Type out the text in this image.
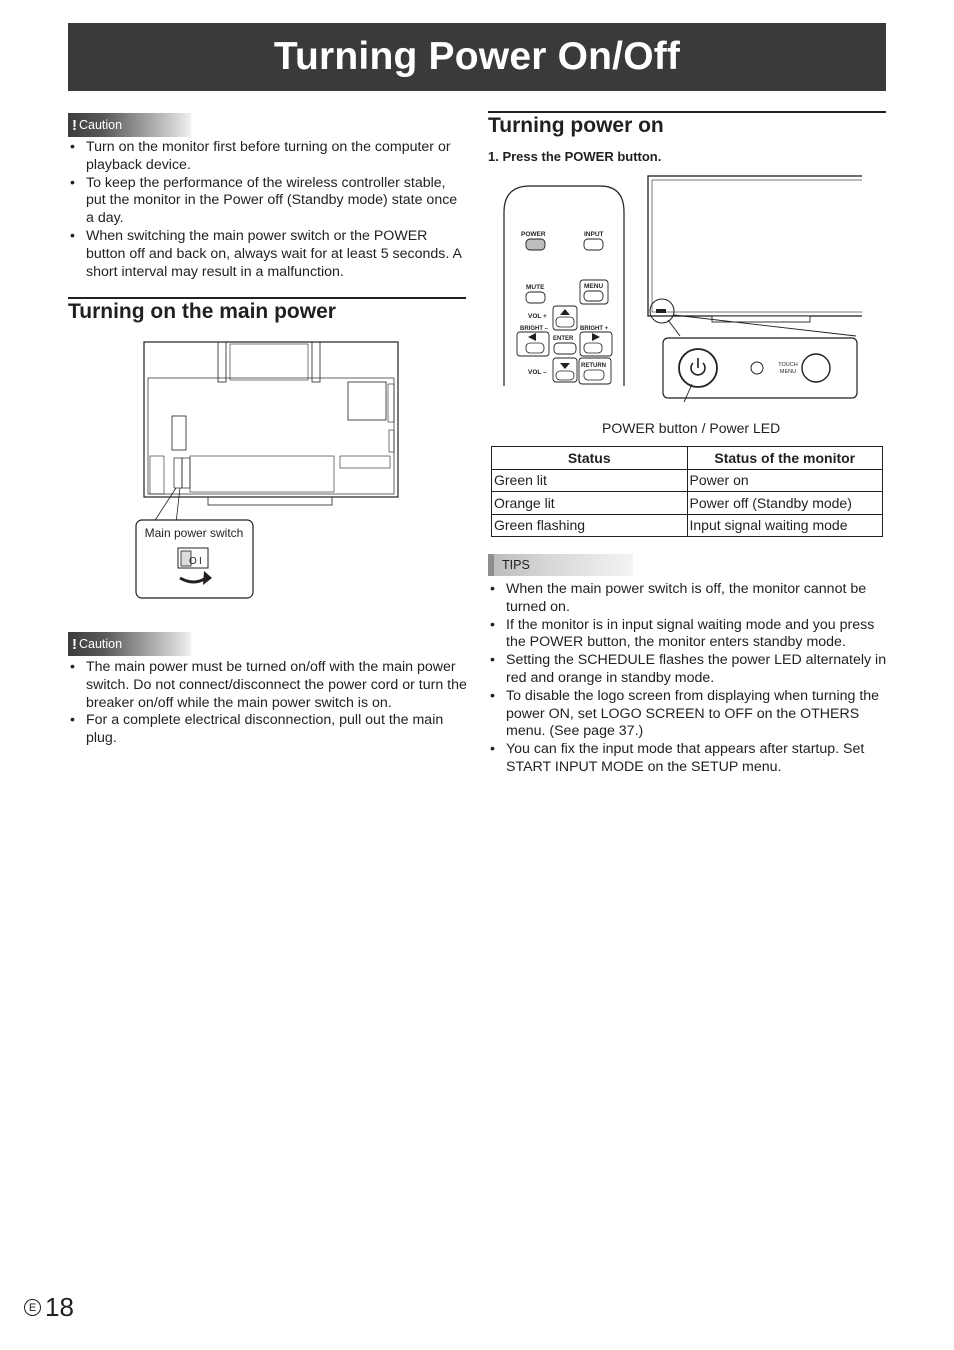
Turning Power On/Off
! Caution
• Turn on the monitor first before turning on the computer or playback device.
• To keep the performance of the wireless controller stable, put the monitor in the Power off (Standby mode) state once a day.
• When switching the main power switch or the POWER button off and back on, always wait for at least 5 seconds. A short interval may result in a malfunction.
Turning on the main power
Main power switch
O I
! Caution
• The main power must be turned on/off with the main power switch. Do not connect/disconnect the power cord or turn the breaker on/off while the main power switch is on.
• For a complete electrical disconnection, pull out the main plug.
Turning power on
1. Press the POWER button.
POWER	INPUT
MUTE	MENU
VOL +
BRIGHT –	BRIGHT +
ENTER
VOL –
RETURN	TOUCH
MENU
POWER button / Power LED
Status	Status of the monitor
Green lit	Power on
Orange lit	Power off (Standby mode)
Green flashing	Input signal waiting mode
TIPS
• When the main power switch is off, the monitor cannot be turned on.
• If the monitor is in input signal waiting mode and you press the POWER button, the monitor enters standby mode.
• Setting the SCHEDULE flashes the power LED alternately in red and orange in standby mode.
• To disable the logo screen from displaying when turning the power ON, set LOGO SCREEN to OFF on the OTHERS menu. (See page 37.)
• You can fix the input mode that appears after startup. Set START INPUT MODE on the SETUP menu.
E 18
